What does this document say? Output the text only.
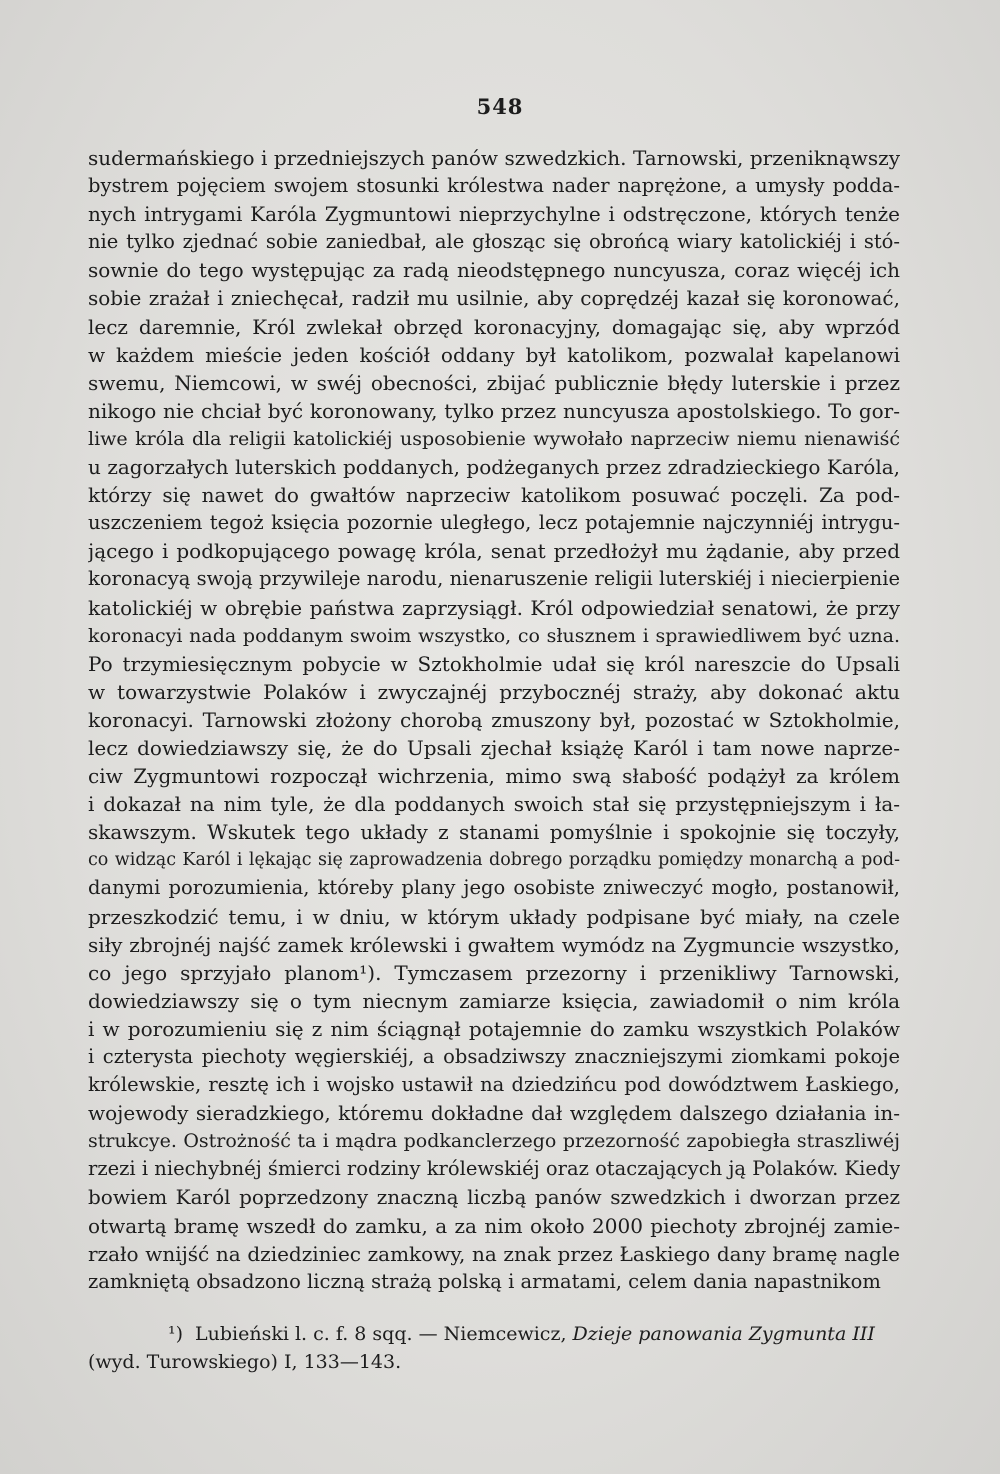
548
sudermańskiego i przedniejszych panów szwedzkich. Tarnowski, przeniknąwszy
bystrem pojęciem swojem stosunki królestwa nader naprężone, a umysły podda-
nych intrygami Karóla Zygmuntowi nieprzychylne i odstręczone, których tenże
nie tylko zjednać sobie zaniedbał, ale głosząc się obrońcą wiary katolickiéj i stó-
sownie do tego występując za radą nieodstępnego nuncyusza, coraz więcéj ich
sobie zrażał i zniechęcał, radził mu usilnie, aby coprędzéj kazał się koronować,
lecz daremnie, Król zwlekał obrzęd koronacyjny, domagając się, aby wprzód
w każdem mieście jeden kościół oddany był katolikom, pozwalał kapelanowi
swemu, Niemcowi, w swéj obecności, zbijać publicznie błędy luterskie i przez
nikogo nie chciał być koronowany, tylko przez nuncyusza apostolskiego. To gor-
liwe króla dla religii katolickiéj usposobienie wywołało naprzeciw niemu nienawiść
u zagorzałych luterskich poddanych, podżeganych przez zdradzieckiego Karóla,
którzy się nawet do gwałtów naprzeciw katolikom posuwać poczęli. Za pod-
uszczeniem tegoż księcia pozornie uległego, lecz potajemnie najczynniéj intrygu-
jącego i podkopującego powagę króla, senat przedłożył mu żądanie, aby przed
koronacyą swoją przywileje narodu, nienaruszenie religii luterskiéj i niecierpienie
katolickiéj w obrębie państwa zaprzysiągł. Król odpowiedział senatowi, że przy
koronacyi nada poddanym swoim wszystko, co słusznem i sprawiedliwem być uzna.
Po trzymiesięcznym pobycie w Sztokholmie udał się król nareszcie do Upsali
w towarzystwie Polaków i zwyczajnéj przybocznéj straży, aby dokonać aktu
koronacyi. Tarnowski złożony chorobą zmuszony był, pozostać w Sztokholmie,
lecz dowiedziawszy się, że do Upsali zjechał książę Karól i tam nowe naprze-
ciw Zygmuntowi rozpoczął wichrzenia, mimo swą słabość podążył za królem
i dokazał na nim tyle, że dla poddanych swoich stał się przystępniejszym i ła-
skawszym. Wskutek tego układy z stanami pomyślnie i spokojnie się toczyły,
co widząc Karól i lękając się zaprowadzenia dobrego porządku pomiędzy monarchą a pod-
danymi porozumienia, któreby plany jego osobiste zniweczyć mogło, postanowił,
przeszkodzić temu, i w dniu, w którym układy podpisane być miały, na czele
siły zbrojnéj najść zamek królewski i gwałtem wymódz na Zygmuncie wszystko,
co jego sprzyjało planom¹). Tymczasem przezorny i przenikliwy Tarnowski,
dowiedziawszy się o tym niecnym zamiarze księcia, zawiadomił o nim króla
i w porozumieniu się z nim ściągnął potajemnie do zamku wszystkich Polaków
i czterysta piechoty węgierskiéj, a obsadziwszy znaczniejszymi ziomkami pokoje
królewskie, resztę ich i wojsko ustawił na dziedzińcu pod dowództwem Łaskiego,
wojewody sieradzkiego, któremu dokładne dał względem dalszego działania in-
strukcye. Ostrożność ta i mądra podkanclerzego przezorność zapobiegła straszliwéj
rzezi i niechybnéj śmierci rodziny królewskiéj oraz otaczających ją Polaków. Kiedy
bowiem Karól poprzedzony znaczną liczbą panów szwedzkich i dworzan przez
otwartą bramę wszedł do zamku, a za nim około 2000 piechoty zbrojnéj zamie-
rzało wnijść na dziedziniec zamkowy, na znak przez Łaskiego dany bramę nagle
zamkniętą obsadzono liczną strażą polską i armatami, celem dania napastnikom
¹) Lubieński l. c. f. 8 sqq. — Niemcewicz, Dzieje panowania Zygmunta III
(wyd. Turowskiego) I, 133—143.
